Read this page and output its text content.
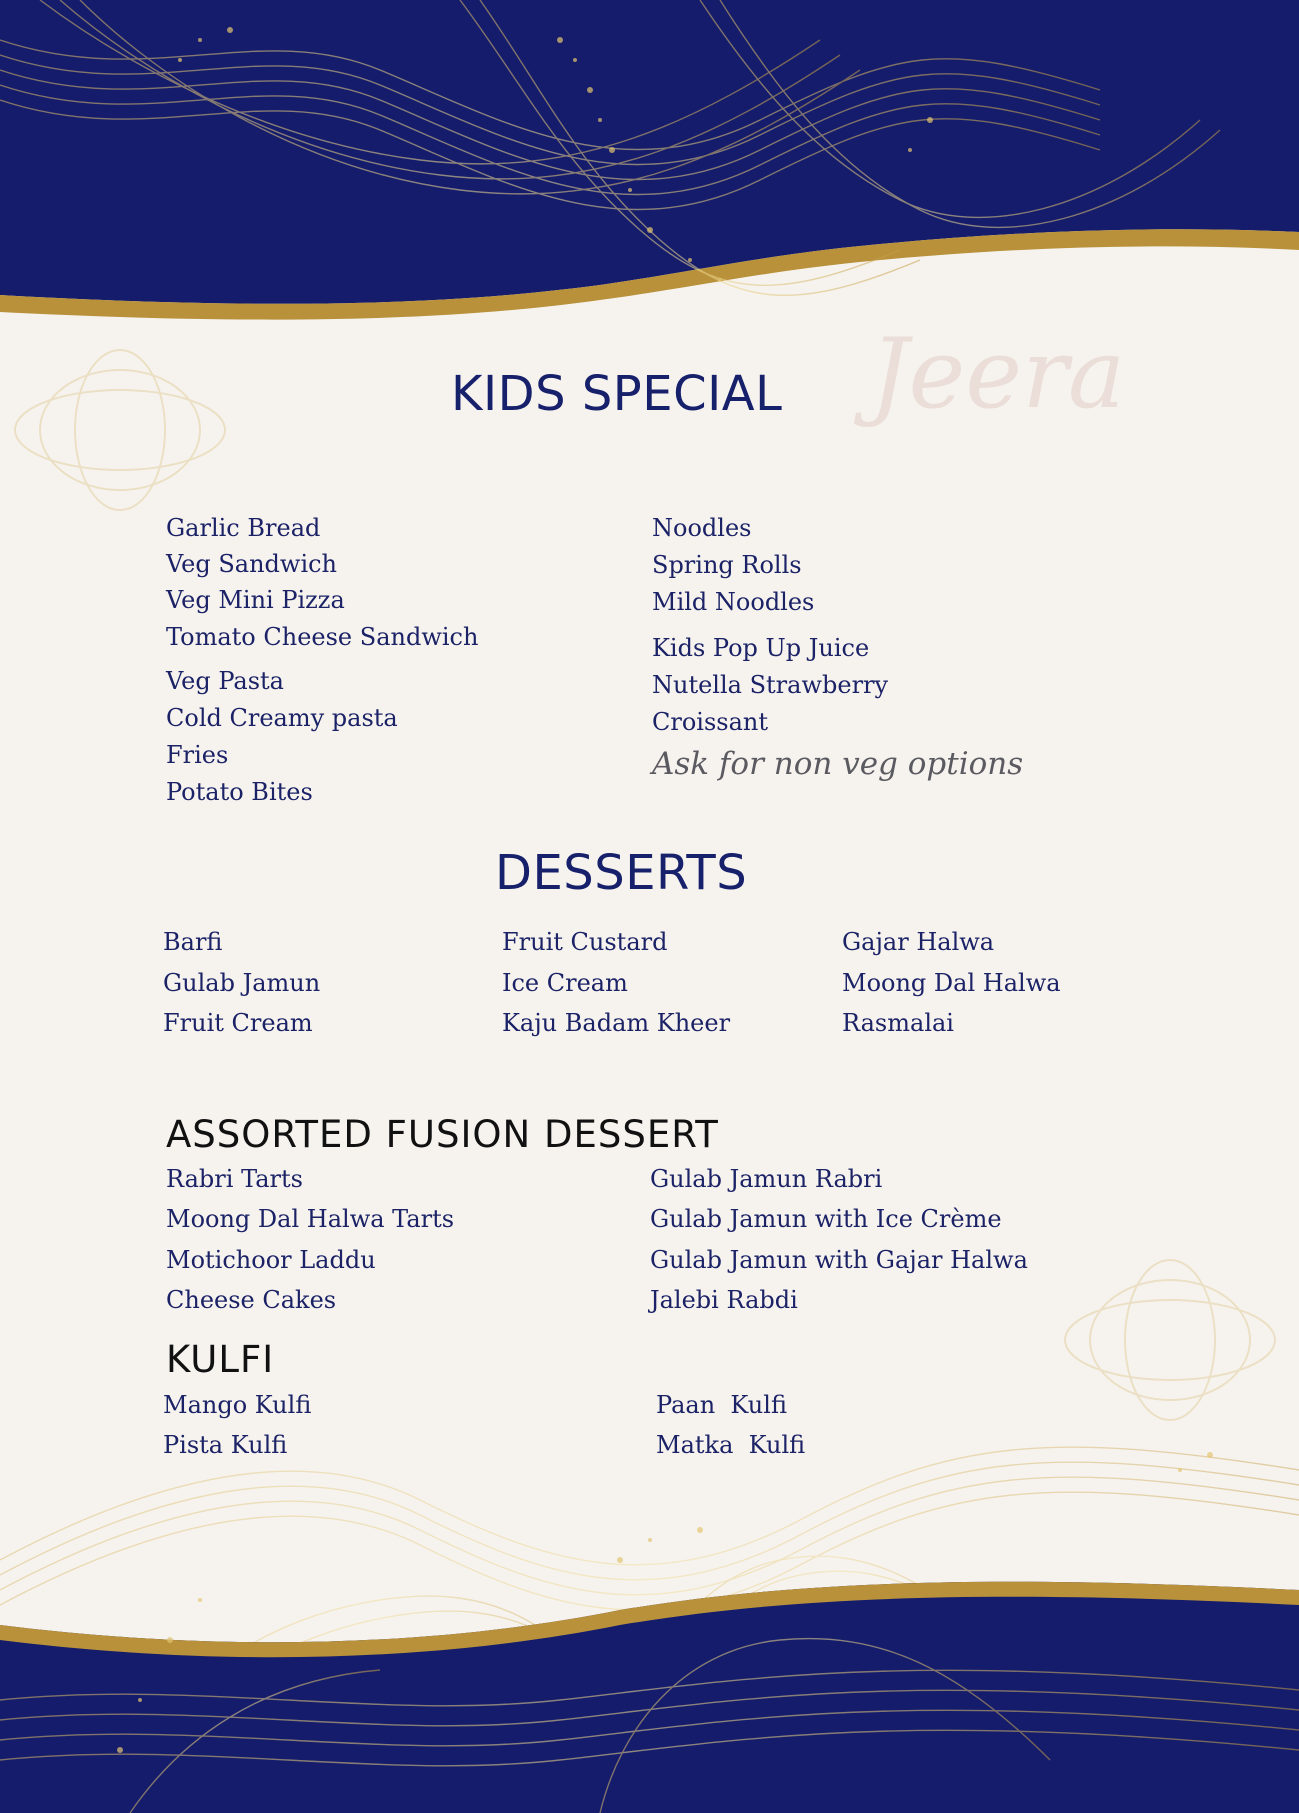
Jeera
KIDS SPECIAL
Garlic Bread
Veg Sandwich
Veg Mini Pizza
Tomato Cheese Sandwich
Veg Pasta
Cold Creamy pasta
Fries
Potato Bites
Noodles
Spring Rolls
Mild Noodles
Kids Pop Up Juice
Nutella Strawberry
Croissant
Ask for non veg options
DESSERTS
Barfi
Gulab Jamun
Fruit Cream
Fruit Custard
Ice Cream
Kaju Badam Kheer
Gajar Halwa
Moong Dal Halwa
Rasmalai
ASSORTED FUSION DESSERT
Rabri Tarts
Moong Dal Halwa Tarts
Motichoor Laddu
Cheese Cakes
Gulab Jamun Rabri
Gulab Jamun with Ice Crème
Gulab Jamun with Gajar Halwa
Jalebi Rabdi
KULFI
Mango Kulfi
Pista Kulfi
Paan  Kulfi
Matka  Kulfi
